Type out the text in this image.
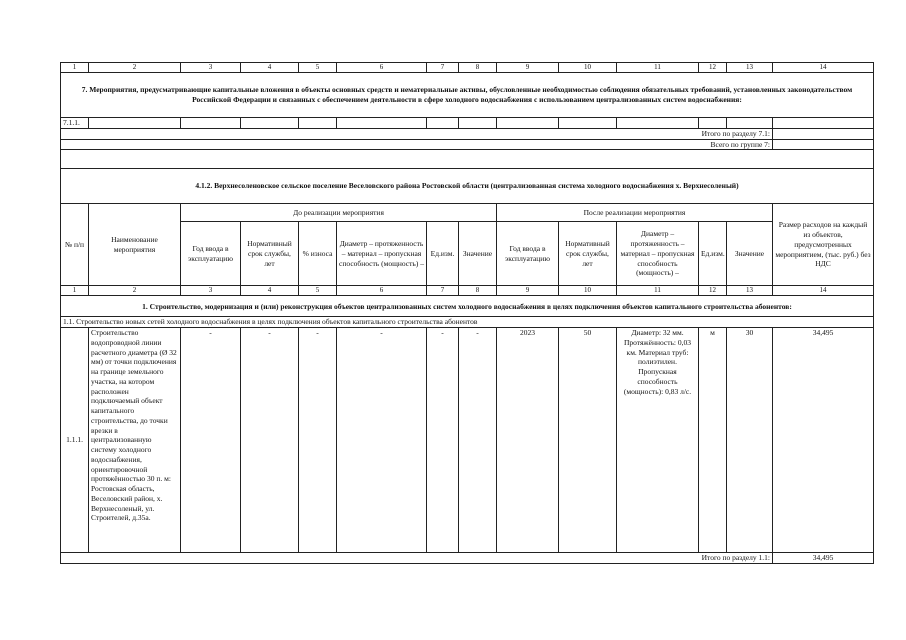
1	2	3	4	5	6	7	8	9	10	11	12	13	14
7. Мероприятия, предусматривающие капитальные вложения в объекты основных средств и нематериальные активы, обусловленные необходимостью соблюдения обязательных требований, установленных законодательством Российской Федерации и связанных с обеспечением деятельности в сфере холодного водоснабжения с использованием централизованных систем водоснабжения:													
7.1.1.													
Итого по разделу 7.1:													
Всего по группе 7:													

4.1.2. Верхнесоленовское сельское поселение Веселовского района Ростовской области (централизованная система холодного водоснабжения х. Верхнесоленый)													
№ п/п	Наименование мероприятия	До реализации мероприятия						После реализации мероприятия					Размер расходов на каждый из объектов, предусмотренных мероприятием, (тыс. руб.) без НДС
		Год ввода в эксплуатацию	Нормативный срок службы, лет	% износа	Диаметр – протяженность – материал – пропускная способность (мощность) –	Ед.изм.	Значение	Год ввода в эксплуатацию	Нормативный срок службы, лет	Диаметр – протяженность – материал – пропускная способность (мощность) –	Ед.изм.	Значение	
1	2	3	4	5	6	7	8	9	10	11	12	13	14
1. Строительство, модернизация и (или) реконструкция объектов централизованных систем холодного водоснабжения в целях подключения объектов капитального строительства абонентов:													
1.1. Строительство новых сетей холодного водоснабжения в целях подключения объектов капитального строительства абонентов													
1.1.1.	Строительство водопроводной линии расчетного диаметра (Ø 32 мм) от точки подключения на границе земельного участка, на котором расположен подключаемый объект капитального строительства, до точки врезки в централизованную систему холодного водоснабжения, ориентировочной протяжённостью 30 п. м: Ростовская область, Веселовский район, х. Верхнесоленый, ул. Строителей, д.35а.	-	-	-	-	-	-	2023	50	Диаметр: 32 мм. Протяжённость: 0,03 км. Материал труб: полиэтилен. Пропускная способность (мощность): 0,83 л/с.	м	30	34,495
Итого по разделу 1.1:													34,495
